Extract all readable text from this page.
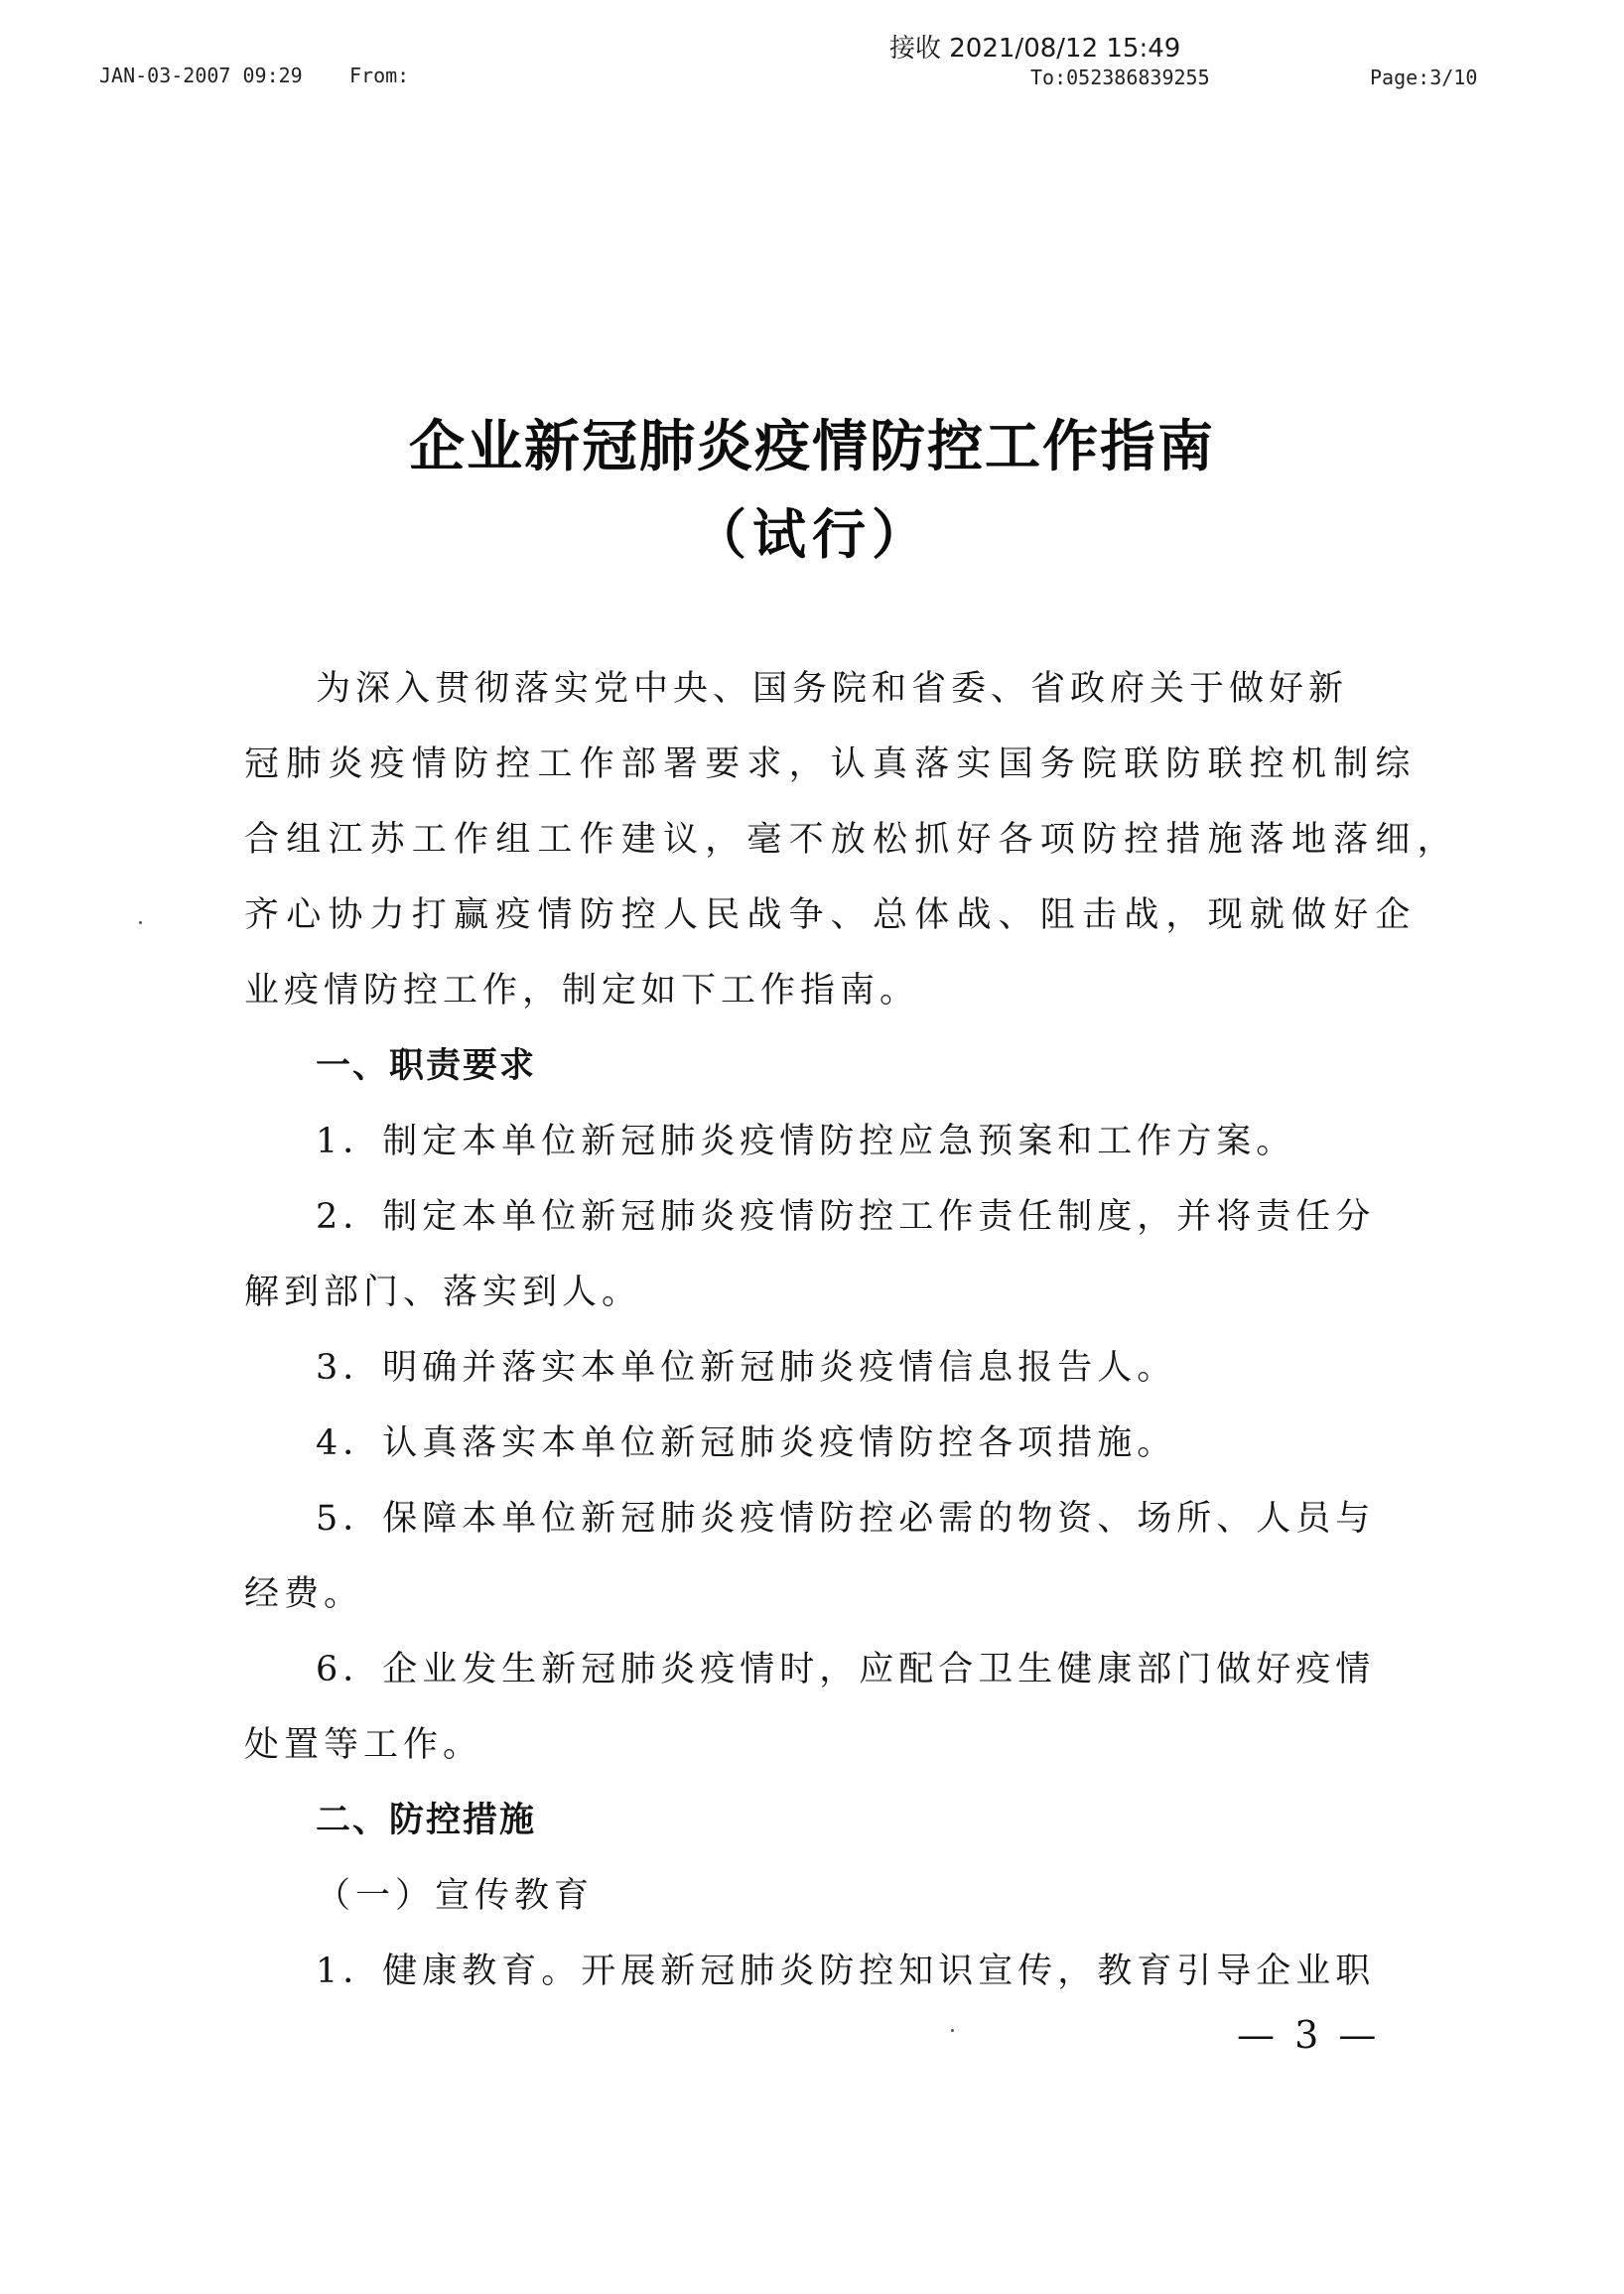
JAN-03-2007 09:29 From:
接收 2021/08/12 15:49
To:052386839255	Page:3/10
企业新冠肺炎疫情防控工作指南
（试行）
为深入贯彻落实党中央、国务院和省委、省政府关于做好新
冠肺炎疫情防控工作部署要求，认真落实国务院联防联控机制综
合组江苏工作组工作建议，毫不放松抓好各项防控措施落地落细，
齐心协力打赢疫情防控人民战争、总体战、阻击战，现就做好企
业疫情防控工作，制定如下工作指南。
一、职责要求
1．制定本单位新冠肺炎疫情防控应急预案和工作方案。
2．制定本单位新冠肺炎疫情防控工作责任制度，并将责任分
解到部门、落实到人。
3．明确并落实本单位新冠肺炎疫情信息报告人。
4．认真落实本单位新冠肺炎疫情防控各项措施。
5．保障本单位新冠肺炎疫情防控必需的物资、场所、人员与
经费。
6．企业发生新冠肺炎疫情时，应配合卫生健康部门做好疫情
处置等工作。
二、防控措施
（一）宣传教育
1．健康教育。开展新冠肺炎防控知识宣传，教育引导企业职
— 3 —
